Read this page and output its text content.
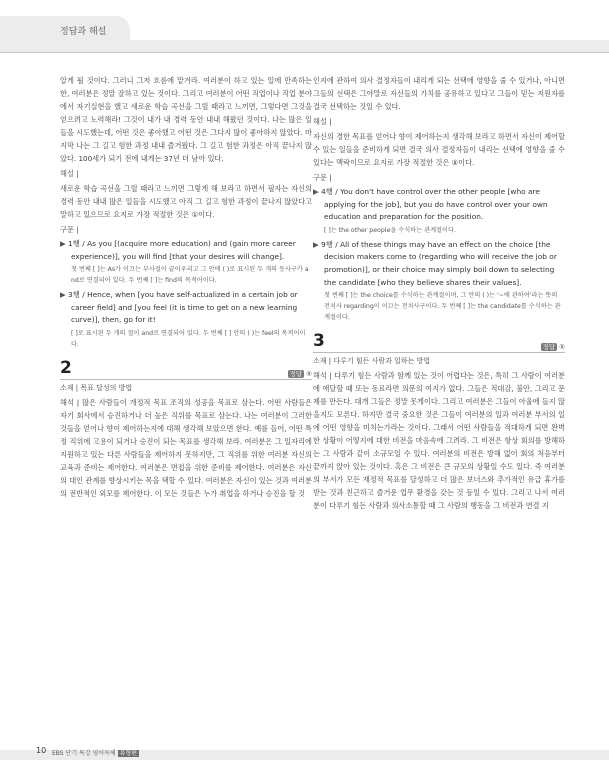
정답과 해설

알게 될 것이다. 그러니 그저 흐름에 맡겨라. 여러분이 하고 있는 일에 만족하는 한, 여러분은 정말 잘하고 있는 것이다. 그리고 여러분이 어떤 직업이나 직업 분야에서 자기실현을 했고 새로운 학습 곡선을 그릴 때라고 느끼면, 그렇다면 그것을 얻으려고 노력해라! 그것이 내가 내 경력 동안 내내 해왔던 것이다. 나는 많은 일들을 시도했는데, 어떤 것은 좋아했고 어떤 것은 그다지 많이 좋아하지 않았다. 마지막 나는 그 길고 험한 과정 내내 즐거웠다. 그 길고 험한 과정은 아직 끝나지 않았다. 100세가 되기 전에 내게는 37년 더 남아 있다.

해설 |

새로운 학습 곡선을 그릴 때라고 느끼면 그렇게 해 보라고 하면서 필자는 자신의 경력 동안 내내 많은 일들을 시도했고 아직 그 길고 험한 과정이 끝나지 않았다고 말하고 있으므로 요지로 가장 적절한 것은 ①이다.

구문 |
▶ 1행 / As you [(acquire more education) and (gain more career experience)], you will find [that your desires will change].
첫 번째 [ ]는 As가 이끄는 부사절이 끝어우리고 그 안에 ( )로 표시된 두 개의 동사구가 and로 연결되어 있다. 두 번째 [ ]는 find의 목적어이다.
▶ 3행 / Hence, when [you have self-actualized in a certain job or career field] and [you feel (it is time to get on a new learning curve)], then, go for it!
[ ]로 표시된 두 개의 절이 and로 연결되어 있다. 두 번째 [ ] 안의 ( )는 feel의 목적어이다.
2	정답 ⑤
소재 | 목표 달성의 방법

해석 | 많은 사람들이 개정적 목표 조직의 성공을 목표로 삼는다. 어떤 사람들은 자기 회사에서 승진하거나 더 높은 직위를 목표로 삼는다. 나는 여러분이 그러한 것들을 얻어나 향이 제어하는지에 대해 생각해 보았으면 한다. 예를 들어, 어떤 특정 직위에 고용이 되거나 승진이 되는 목표를 생각해 보라. 여러분은 그 일자리에 지원하고 있는 다른 사람들을 제어하지 못하지만, 그 직위를 위한 여러분 자신의 교육과 준비는 제어한다. 여러분은 면접을 위한 준비를 제어한다. 여러분은 자신의 대인 관계를 향상시키는 목을 택할 수 있다. 여러분은 자신이 있는 것과 여러분의 전반적인 외모를 제어한다. 이 모든 것들은 누가 취업을 하거나 승진을 할 것

인지에 관하여 의사 결정자들이 내리게 되는 선택에 영향을 줄 수 있거나, 아니면 그들의 선택은 그야말로 자신들의 가치를 공유하고 있다고 그들이 믿는 지원자를 결국 선택하는 것일 수 있다.

해설 |

자신의 경한 목표를 얻어나 향이 제어하는지 생각해 보라고 하면서 자신이 제어할 수 있는 일들을 준비하게 되면 결국 의사 결정자들이 내리는 선택에 영향을 줄 수 있다는 맥락이므로 요지로 가장 적절한 것은 ⑤이다.

구문 |
▶ 4행 / You don't have control over the other people [who are applying for the job], but you do have control over your own education and preparation for the position.
[ ]는 the other people을 수식하는 관계절이다.
▶ 9행 / All of these things may have an effect on the choice [the decision makers come to (regarding who will receive the job or promotion)], or their choice may simply boil down to selecting the candidate [who they believe shares their values].
첫 번째 [ ]는 the choice를 수식하는 관계절이며, 그 안의 ( )는 '~에 관하여'라는 뜻의 전치사 regarding이 이끄는 전치사구이다. 두 번째 [ ]는 the candidate를 수식하는 관계절이다.
3	정답 ⑤
소재 | 다루기 힘든 사람과 일하는 방법

해석 | 다루기 힘든 사람과 함께 있는 것이 어렵다는 것은, 특히 그 사람이 여러분에 애달할 때 또는 동료라면 의문의 여지가 없다. 그들은 적대감, 불안, 그리고 문제를 만든다. 대개 그들은 정말 못게이다. 그리고 여러분은 그들이 아울에 들지 않을지도 모른다. 하지만 결국 중요한 것은 그들이 여러분의 일과 여러분 부서의 일에 어떤 영향을 미치는가라는 것이다. 그래서 어떤 사람들을 적대하게 되면 완벽한 상황이 어떻지에 대한 비전을 마음속에 그려라. 그 비전은 항상 회의를 방해하는 그 사람과 같이 소규모일 수 있다. 여러분의 비전은 방해 없이 회의 처음부터 끝까지 앉아 있는 것이다. 혹은 그 비전은 큰 규모의 상황일 수도 있다. 즉 여러분의 부서가 모든 재정적 목표를 달성하고 더 많은 보너스와 추가적인 유급 휴가를 받는 것과 친근하고 즐거운 업무 환경을 갖는 것 등일 수 있다. 그리고 나서 여러분이 다루기 힘든 사람과 의사소통할 때 그 사람의 행동을 그 비전과 연결 지

10 EBS 단기 특강 영어독해 유형편
